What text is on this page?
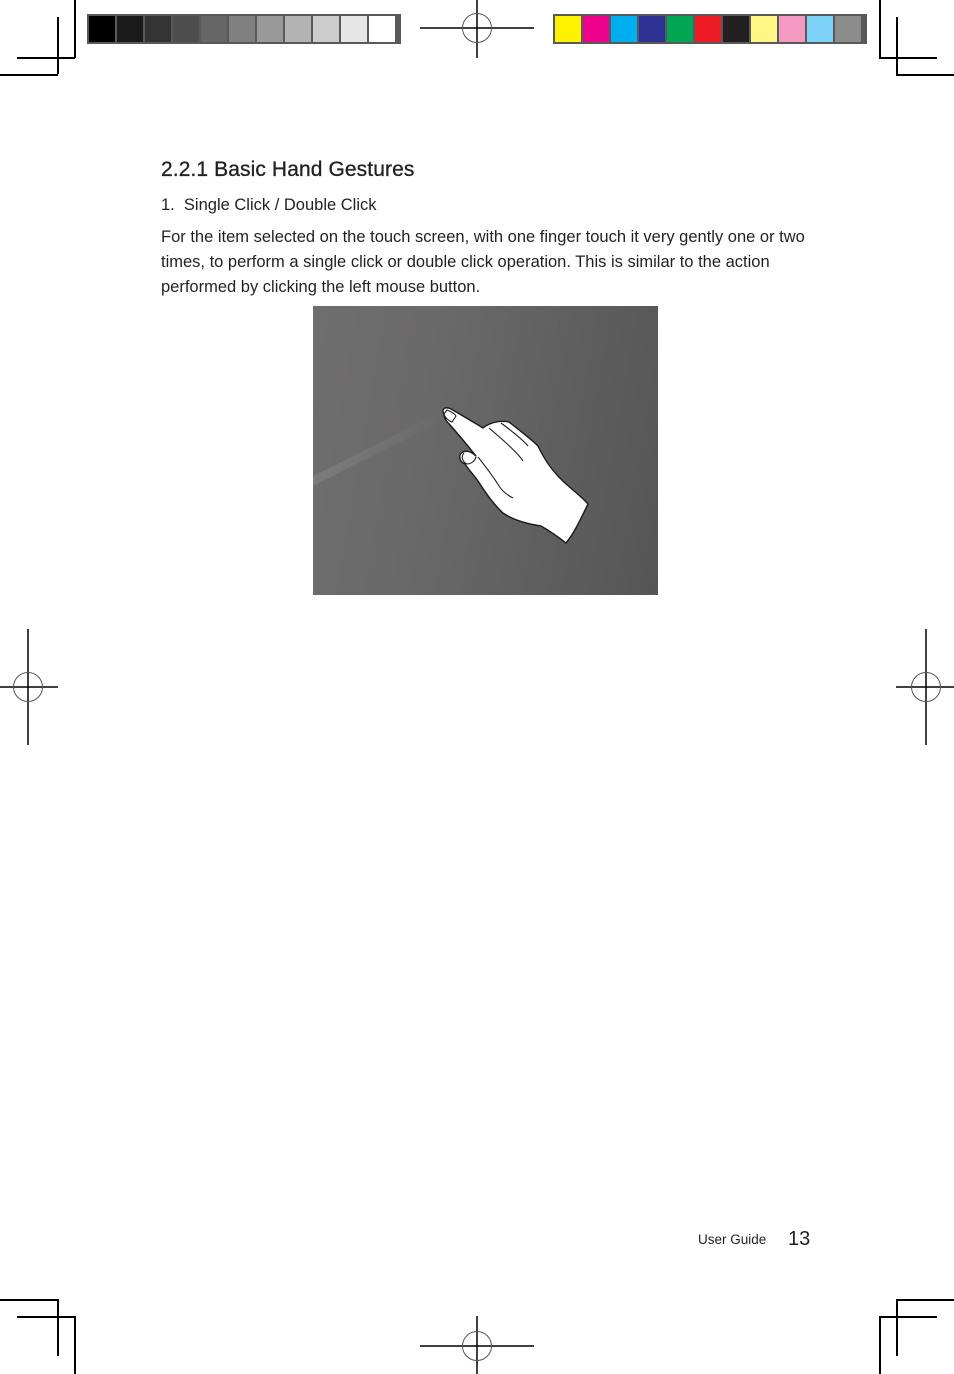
2.2.1 Basic Hand Gestures
1.  Single Click / Double Click

For the item selected on the touch screen, with one finger touch it very gently one or two times, to perform a single click or double click operation. This is similar to the action performed by clicking the left mouse button.

User Guide 13
